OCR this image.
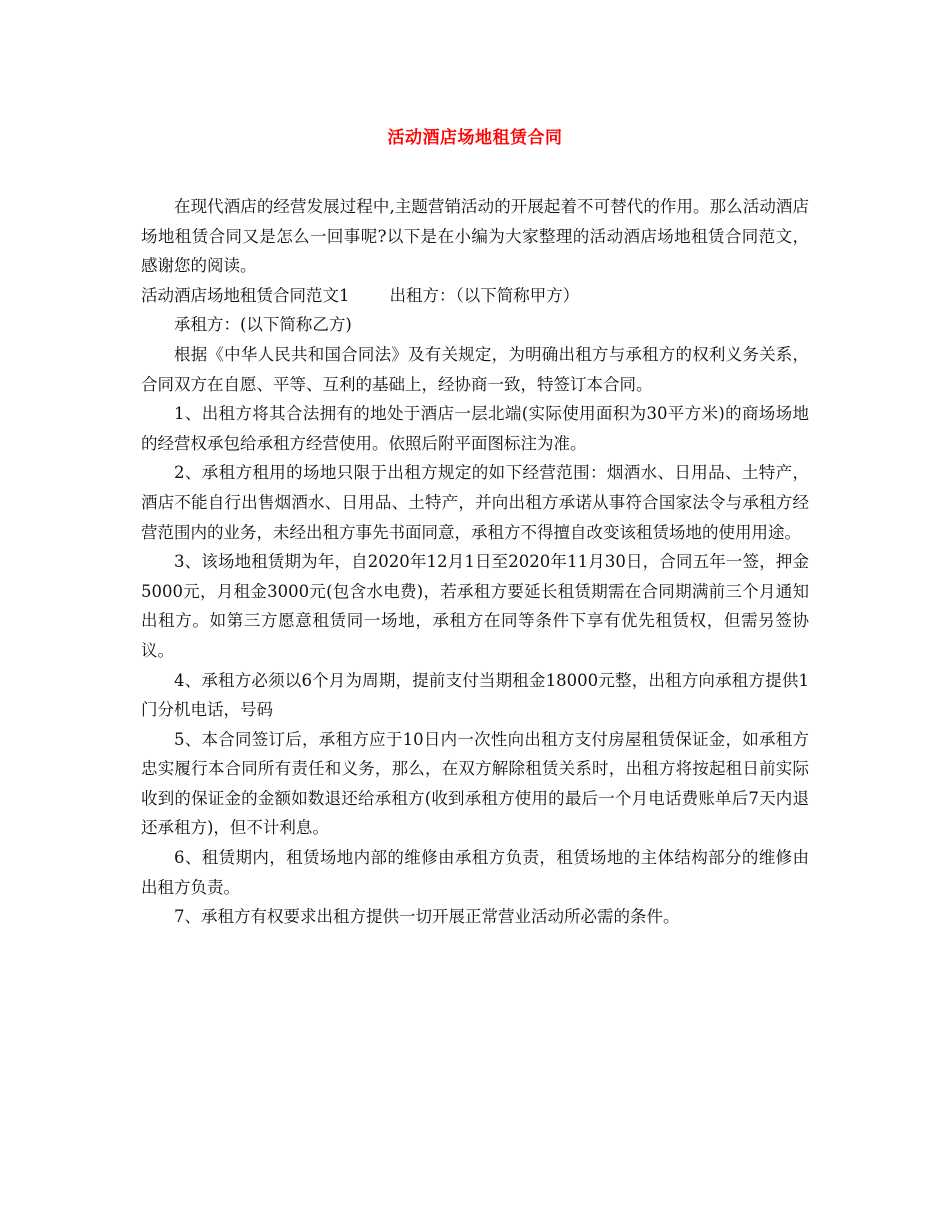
活动酒店场地租赁合同

在现代酒店的经营发展过程中,主题营销活动的开展起着不可替代的作用。那么活动酒店场地租赁合同又是怎么一回事呢?以下是在小编为大家整理的活动酒店场地租赁合同范文，感谢您的阅读。

活动酒店场地租赁合同范文1 出租方：（以下简称甲方）

承租方：(以下简称乙方)

根据《中华人民共和国合同法》及有关规定，为明确出租方与承租方的权利义务关系，合同双方在自愿、平等、互利的基础上，经协商一致，特签订本合同。

1、出租方将其合法拥有的地处于酒店一层北端(实际使用面积为30平方米)的商场场地的经营权承包给承租方经营使用。依照后附平面图标注为准。

2、承租方租用的场地只限于出租方规定的如下经营范围：烟酒水、日用品、土特产，酒店不能自行出售烟酒水、日用品、土特产，并向出租方承诺从事符合国家法令与承租方经营范围内的业务，未经出租方事先书面同意，承租方不得擅自改变该租赁场地的使用用途。

3、该场地租赁期为年，自2020年12月1日至2020年11月30日，合同五年一签，押金5000元，月租金3000元(包含水电费)，若承租方要延长租赁期需在合同期满前三个月通知出租方。如第三方愿意租赁同一场地，承租方在同等条件下享有优先租赁权，但需另签协议。

4、承租方必须以6个月为周期，提前支付当期租金18000元整，出租方向承租方提供1门分机电话，号码

5、本合同签订后，承租方应于10日内一次性向出租方支付房屋租赁保证金，如承租方忠实履行本合同所有责任和义务，那么，在双方解除租赁关系时，出租方将按起租日前实际收到的保证金的金额如数退还给承租方(收到承租方使用的最后一个月电话费账单后7天内退还承租方)，但不计利息。

6、租赁期内，租赁场地内部的维修由承租方负责，租赁场地的主体结构部分的维修由出租方负责。

7、承租方有权要求出租方提供一切开展正常营业活动所必需的条件。
